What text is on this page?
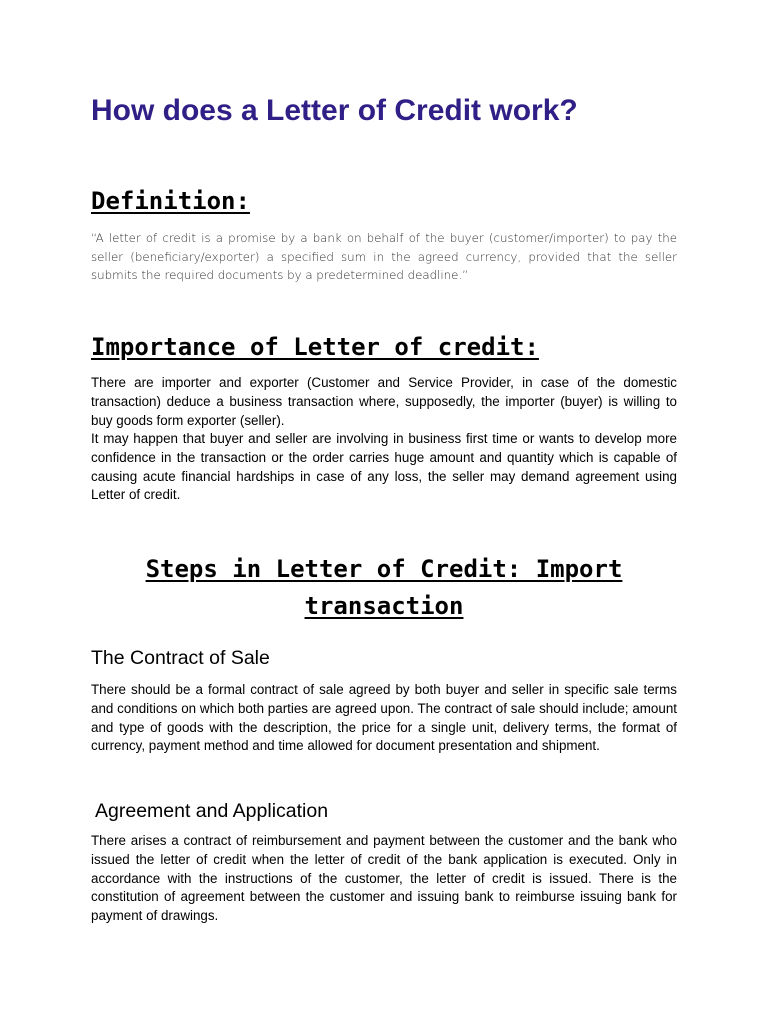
How does a Letter of Credit work?
Definition:

“A letter of credit is a promise by a bank on behalf of the buyer (customer/importer) to pay the seller (beneficiary/exporter) a specified sum in the agreed currency, provided that the seller submits the required documents by a predetermined deadline.”

Importance of Letter of credit:

There are importer and exporter (Customer and Service Provider, in case of the domestic transaction) deduce a business transaction where, supposedly, the importer (buyer) is willing to buy goods form exporter (seller).

It may happen that buyer and seller are involving in business first time or wants to develop more confidence in the transaction or the order carries huge amount and quantity which is capable of causing acute financial hardships in case of any loss, the seller may demand agreement using Letter of credit.

Steps in Letter of Credit: Import transaction
The Contract of Sale

There should be a formal contract of sale agreed by both buyer and seller in specific sale terms and conditions on which both parties are agreed upon. The contract of sale should include; amount and type of goods with the description, the price for a single unit, delivery terms, the format of currency, payment method and time allowed for document presentation and shipment.

Agreement and Application

There arises a contract of reimbursement and payment between the customer and the bank who issued the letter of credit when the letter of credit of the bank application is executed. Only in accordance with the instructions of the customer, the letter of credit is issued. There is the constitution of agreement between the customer and issuing bank to reimburse issuing bank for payment of drawings.
